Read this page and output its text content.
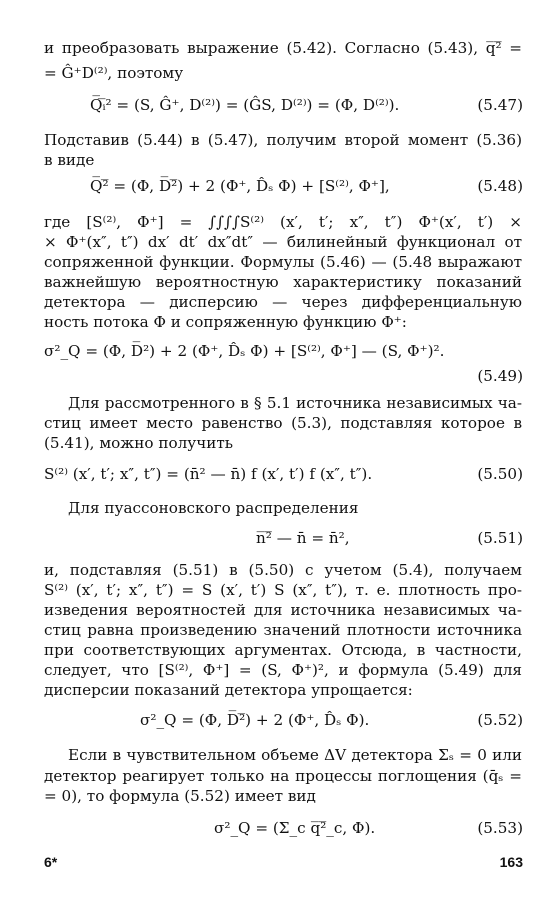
и преобразовать выражение (5.42). Согласно (5.43), q̅²̅ =
= Ĝ⁺D⁽²⁾, поэтому
Q̅ᵢ̅² = (S, Ĝ⁺, D⁽²⁾) = (ĜS, D⁽²⁾) = (Φ, D⁽²⁾).	(5.47)
Подставив (5.44) в (5.47), получим второй момент (5.36)
в виде
Q̅²̅ = (Φ, D̅²̅) + 2 (Φ⁺, D̂ₛ Φ) + [S⁽²⁾, Φ⁺],	(5.48)
где [S⁽²⁾, Φ⁺] = ∫∫∫∫S⁽²⁾ (x′, t′; x″, t″) Φ⁺(x′, t′) ×
× Φ⁺(x″, t″) dx′ dt′ dx″dt″ — билинейный функционал от
сопряженной функции. Формулы (5.46) — (5.48 выражают
важнейшую вероятностную характеристику показаний
детектора — дисперсию — через дифференциальную
ность потока Φ и сопряженную функцию Φ⁺:
σ²_Q = (Φ, D̅²) + 2 (Φ⁺, D̂ₛ Φ) + [S⁽²⁾, Φ⁺] — (S, Φ⁺)².
(5.49)
Для рассмотренного в § 5.1 источника независимых ча-
стиц имеет место равенство (5.3), подставляя которое в
(5.41), можно получить
S⁽²⁾ (x′, t′; x″, t″) = (n̄² — n̄) f (x′, t′) f (x″, t″).	(5.50)
Для пуассоновского распределения
n̅²̅ — n̄ = n̄²,	(5.51)
и, подставляя (5.51) в (5.50) с учетом (5.4), получаем
S⁽²⁾ (x′, t′; x″, t″) = S (x′, t′) S (x″, t″), т. е. плотность про-
изведения вероятностей для источника независимых ча-
стиц равна произведению значений плотности источника
при соответствующих аргументах. Отсюда, в частности,
следует, что [S⁽²⁾, Φ⁺] = (S, Φ⁺)², и формула (5.49) для
дисперсии показаний детектора упрощается:
σ²_Q = (Φ, D̅²̅) + 2 (Φ⁺, D̂ₛ Φ).	(5.52)
Если в чувствительном объеме ΔV детектора Σₛ = 0 или
детектор реагирует только на процессы поглощения (q̄ₛ =
= 0), то формула (5.52) имеет вид
σ²_Q = (Σ_c q̅²̅_c, Φ).	(5.53)
6*	163
